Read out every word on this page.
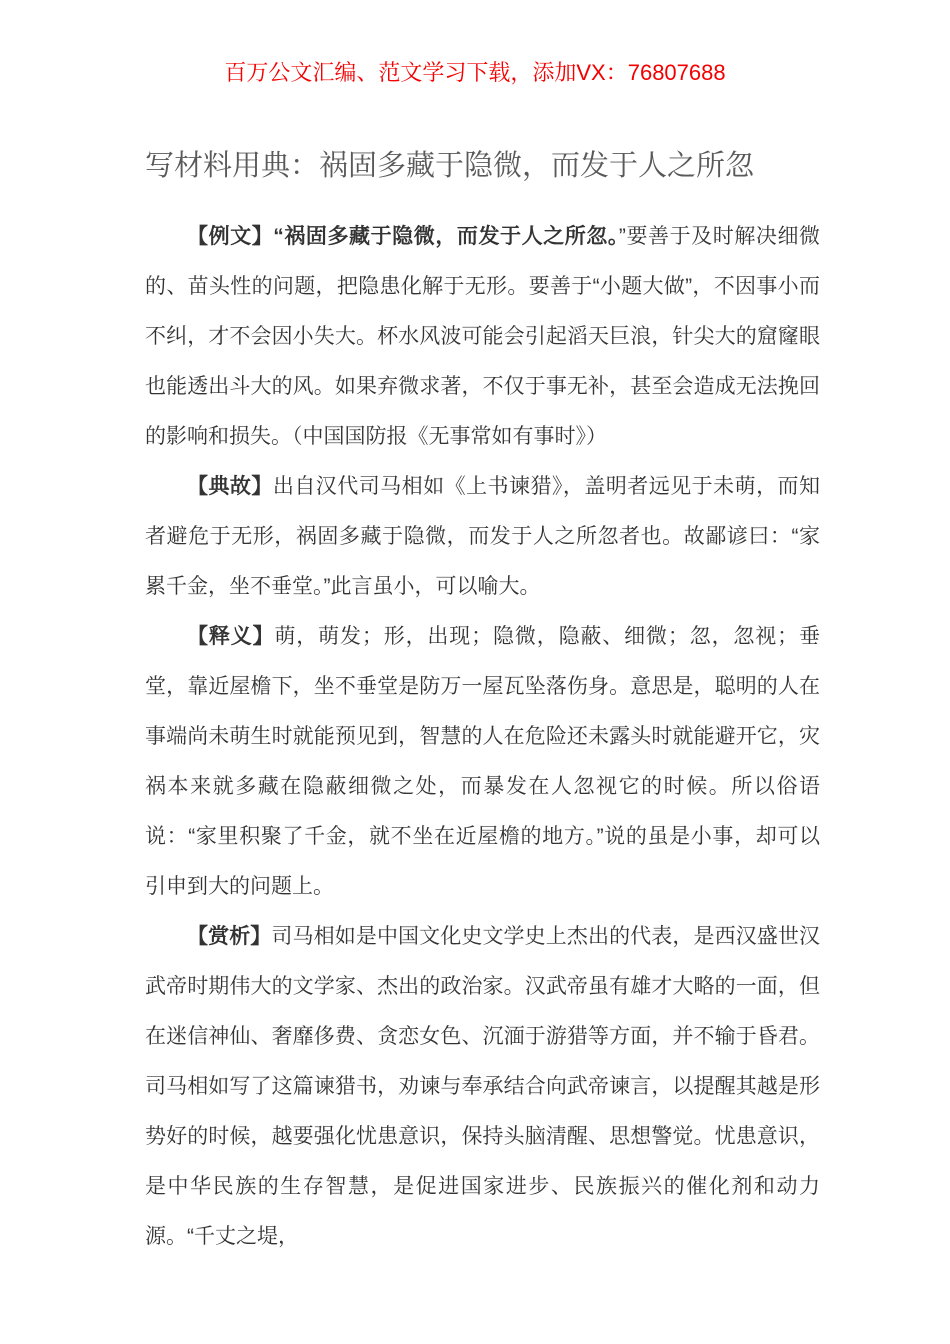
百万公文汇编、范文学习下载，添加VX：76807688
写材料用典：祸固多藏于隐微，而发于人之所忽

【例文】“祸固多藏于隐微，而发于人之所忽。”要善于及时解决细微的、苗头性的问题，把隐患化解于无形。要善于“小题大做”，不因事小而不纠，才不会因小失大。杯水风波可能会引起滔天巨浪，针尖大的窟窿眼也能透出斗大的风。如果弃微求著，不仅于事无补，甚至会造成无法挽回的影响和损失。（中国国防报《无事常如有事时》）

【典故】出自汉代司马相如《上书谏猎》，盖明者远见于未萌，而知者避危于无形，祸固多藏于隐微，而发于人之所忽者也。故鄙谚曰：“家累千金，坐不垂堂。”此言虽小，可以喻大。

【释义】萌，萌发；形，出现；隐微，隐蔽、细微；忽，忽视；垂堂，靠近屋檐下，坐不垂堂是防万一屋瓦坠落伤身。意思是，聪明的人在事端尚未萌生时就能预见到，智慧的人在危险还未露头时就能避开它，灾祸本来就多藏在隐蔽细微之处，而暴发在人忽视它的时候。所以俗语说：“家里积聚了千金，就不坐在近屋檐的地方。”说的虽是小事，却可以引申到大的问题上。

【赏析】司马相如是中国文化史文学史上杰出的代表，是西汉盛世汉武帝时期伟大的文学家、杰出的政治家。汉武帝虽有雄才大略的一面，但在迷信神仙、奢靡侈费、贪恋女色、沉湎于游猎等方面，并不输于昏君。司马相如写了这篇谏猎书，劝谏与奉承结合向武帝谏言，以提醒其越是形势好的时候，越要强化忧患意识，保持头脑清醒、思想警觉。忧患意识，是中华民族的生存智慧，是促进国家进步、民族振兴的催化剂和动力源。“千丈之堤，
